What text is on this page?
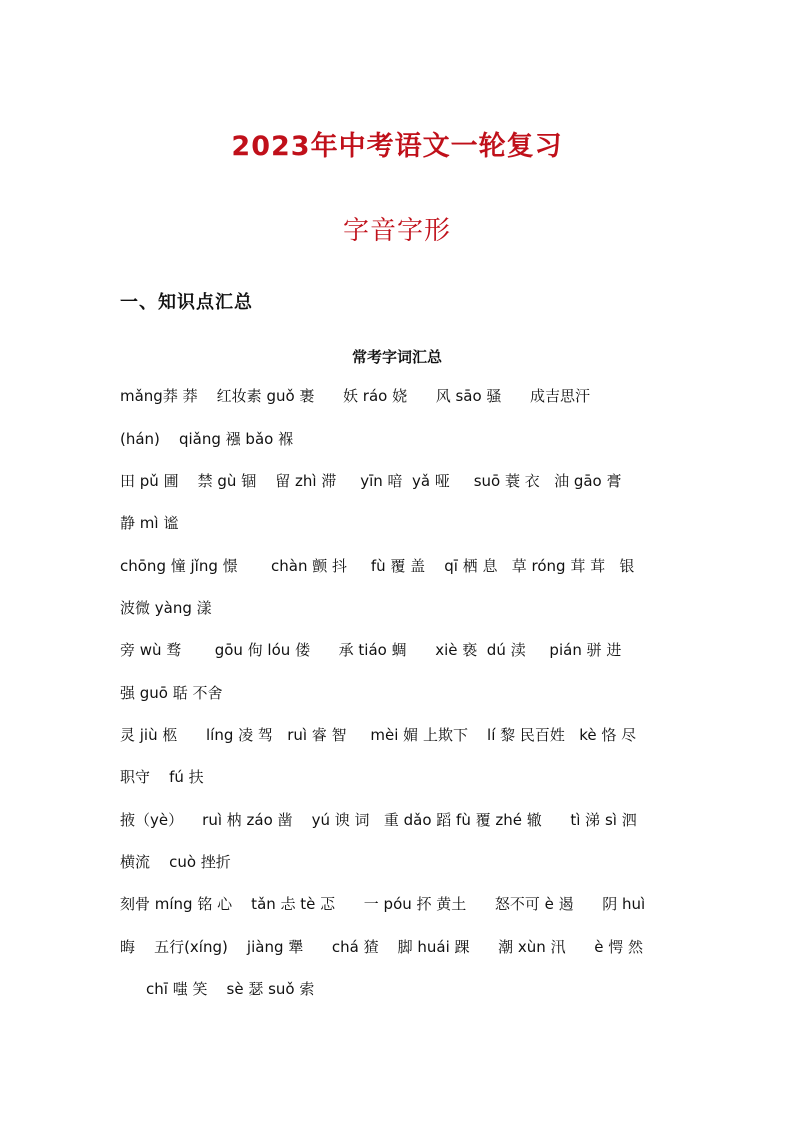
2023年中考语文一轮复习
字音字形
一、知识点汇总
常考字词汇总
mǎng莽 莽    红妆素 guǒ 裹      妖 ráo 娆      风 sāo 骚      成吉思汗
(hán)    qiǎng 襁 bǎo 褓
田 pǔ 圃    禁 gù 锢    留 zhì 滞     yīn 喑  yǎ 哑     suō 蓑 衣   油 gāo 膏
静 mì 谧
chōng 憧 jǐng 憬       chàn 颤 抖     fù 覆 盖    qī 栖 息   草 róng 茸 茸   银
波微 yàng 漾
旁 wù 骛       gōu 佝 lóu 偻      承 tiáo 蜩      xiè 亵  dú 渎     pián 骈 进
强 guō 聒 不舍
灵 jiù 柩      líng 凌 驾   ruì 睿 智     mèi 媚 上欺下    lí 黎 民百姓   kè 恪 尽
职守    fú 扶
掖（yè）    ruì 枘 záo 凿    yú 谀 词   重 dǎo 蹈 fù 覆 zhé 辙      tì 涕 sì 泗
横流    cuò 挫折
刻骨 míng 铭 心    tǎn 忐 tè 忑      一 póu 抔 黄土      怒不可 è 遏      阴 huì
晦    五行(xíng)    jiàng 犟      chá 猹    脚 huái 踝      潮 xùn 汛      è 愕 然
chī 嗤 笑    sè 瑟 suǒ 索
